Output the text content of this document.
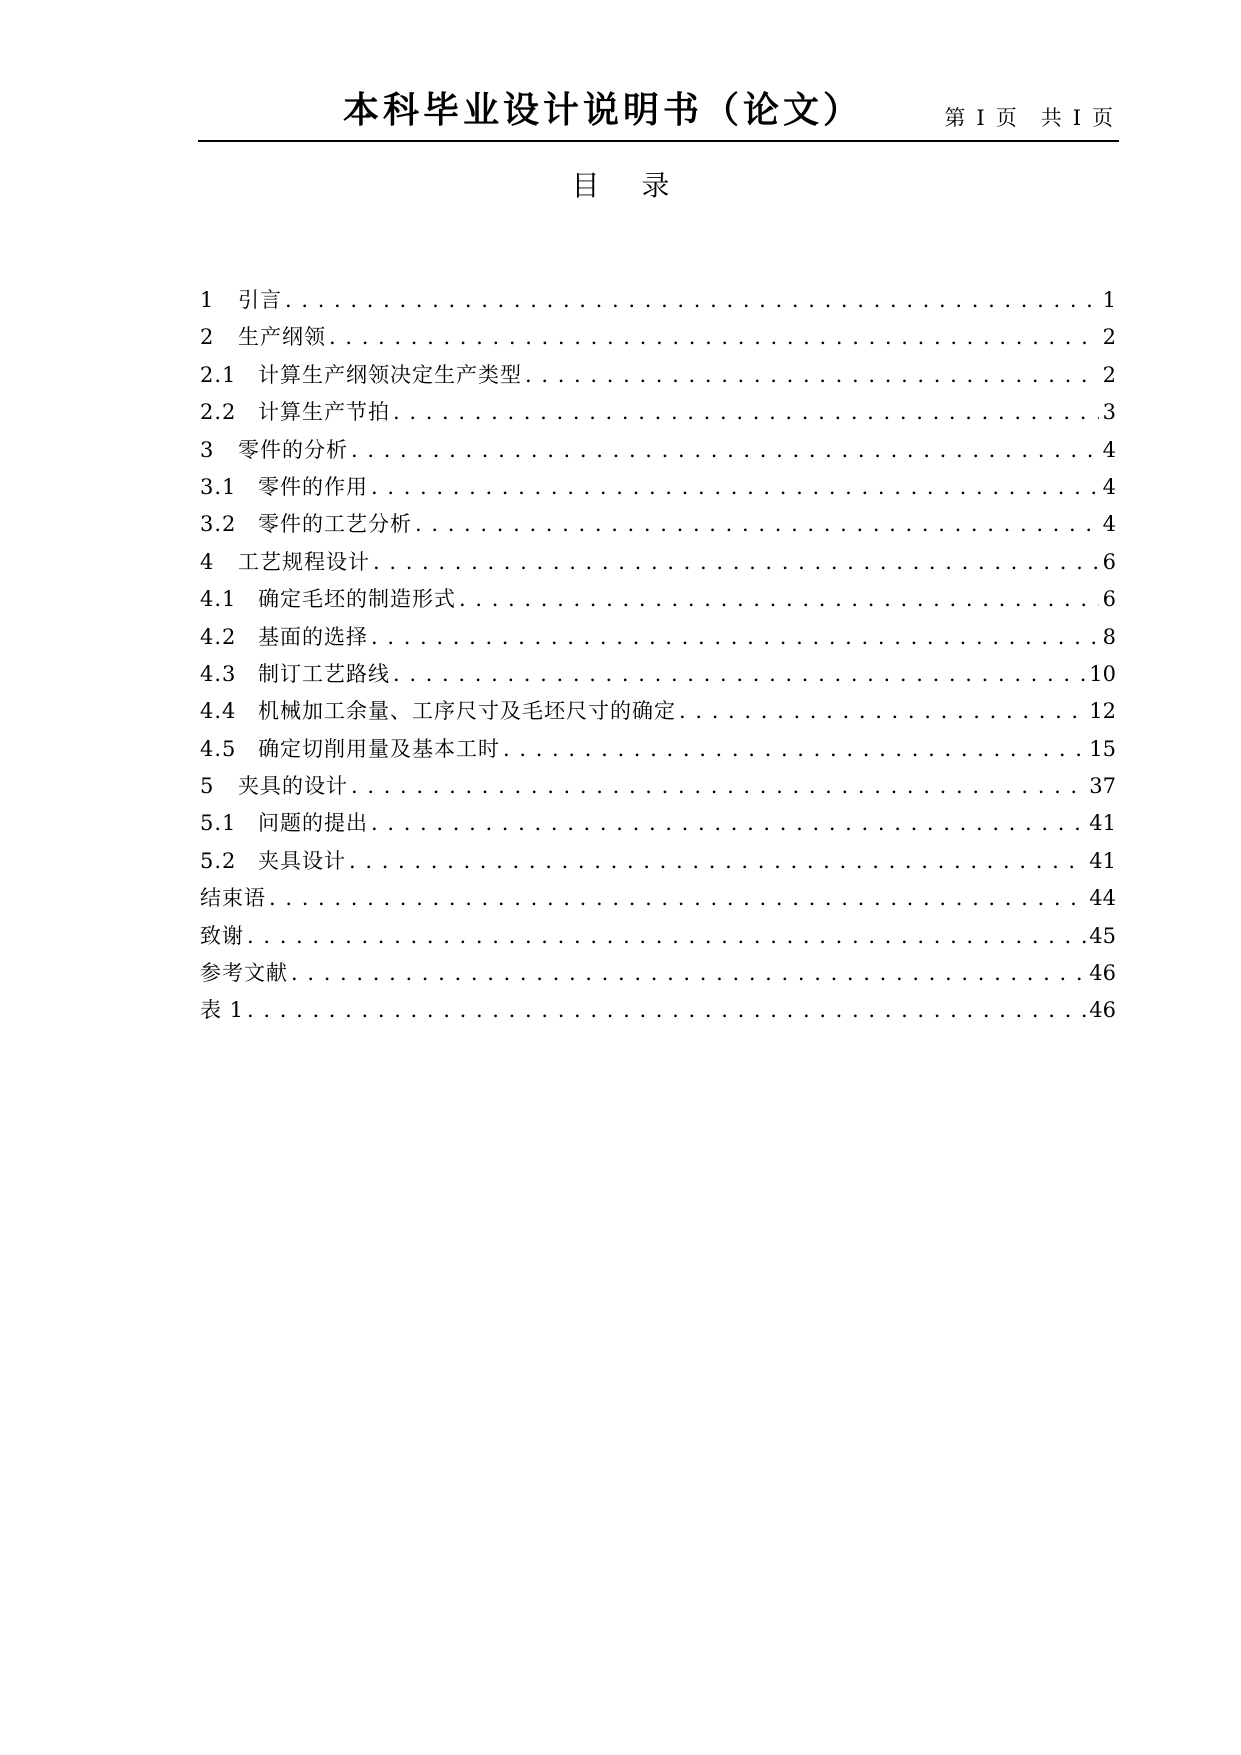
本科毕业设计说明书（论文）	第 I 页 共 I 页
目 录
1	引言 . . .	1
2	生产纲领 . . .	2
2.1	计算生产纲领决定生产类型 . . .	2
2.2	计算生产节拍 . . .	3
3	零件的分析 . . .	4
3.1	零件的作用 . . .	4
3.2	零件的工艺分析 . . .	4
4	工艺规程设计 . . .	6
4.1	确定毛坯的制造形式 . . .	6
4.2	基面的选择 . . .	8
4.3	制订工艺路线 . . .	10
4.4	机械加工余量、工序尺寸及毛坯尺寸的确定 . . .	12
4.5	确定切削用量及基本工时 . . .	15
5	夹具的设计 . . .	37
5.1	问题的提出 . . .	41
5.2	夹具设计 . . .	41
结束语 . . .	44
致谢 . . .	45
参考文献 . . .	46
表 1 . . .	46
